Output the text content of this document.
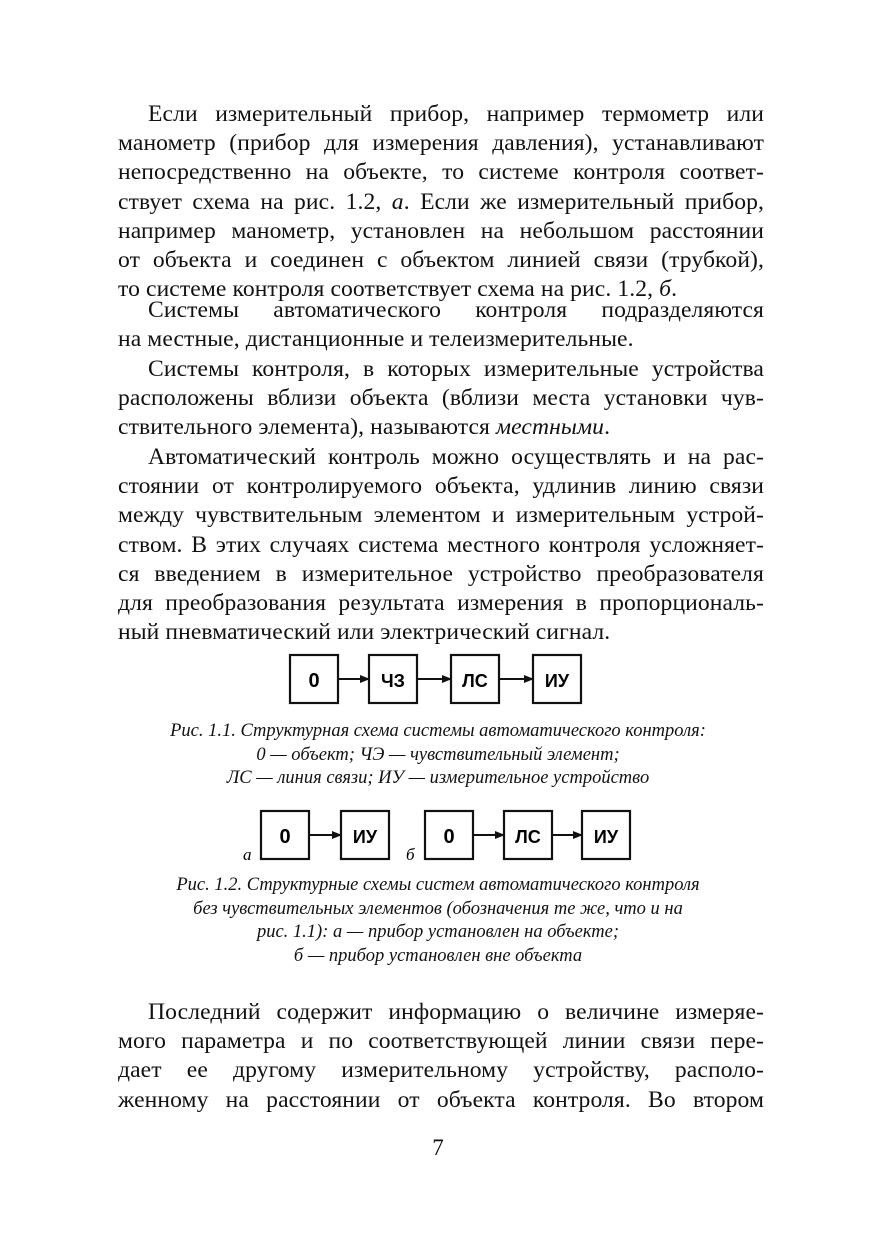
Если измерительный прибор, например термометр или
манометр (прибор для измерения давления), устанавливают
непосредственно на объекте, то системе контроля соответ-
ствует схема на рис. 1.2, а. Если же измерительный прибор,
например манометр, установлен на небольшом расстоянии
от объекта и соединен с объектом линией связи (трубкой),
то системе контроля соответствует схема на рис. 1.2, б.

Системы автоматического контроля подразделяются
на местные, дистанционные и телеизмерительные.

Системы контроля, в которых измерительные устройства
расположены вблизи объекта (вблизи места установки чув-
ствительного элемента), называются местными.

Автоматический контроль можно осуществлять и на рас-
стоянии от контролируемого объекта, удлинив линию связи
между чувствительным элементом и измерительным устрой-
ством. В этих случаях система местного контроля усложняет-
ся введением в измерительное устройство преобразователя
для преобразования результата измерения в пропорциональ-
ный пневматический или электрический сигнал.

0	ЧЗ	ЛС	ИУ

Рис. 1.1. Структурная схема системы автоматического контроля:
0 — объект; ЧЭ — чувствительный элемент;
ЛС — линия связи; ИУ — измерительное устройство

а
0	ИУ
б
0	ЛС	ИУ

Рис. 1.2. Структурные схемы систем автоматического контроля
без чувствительных элементов (обозначения те же, что и на
рис. 1.1): а — прибор установлен на объекте;
б — прибор установлен вне объекта

Последний содержит информацию о величине измеряе-
мого параметра и по соответствующей линии связи пере-
дает ее другому измерительному устройству, располо-
женному на расстоянии от объекта контроля. Во втором

7
